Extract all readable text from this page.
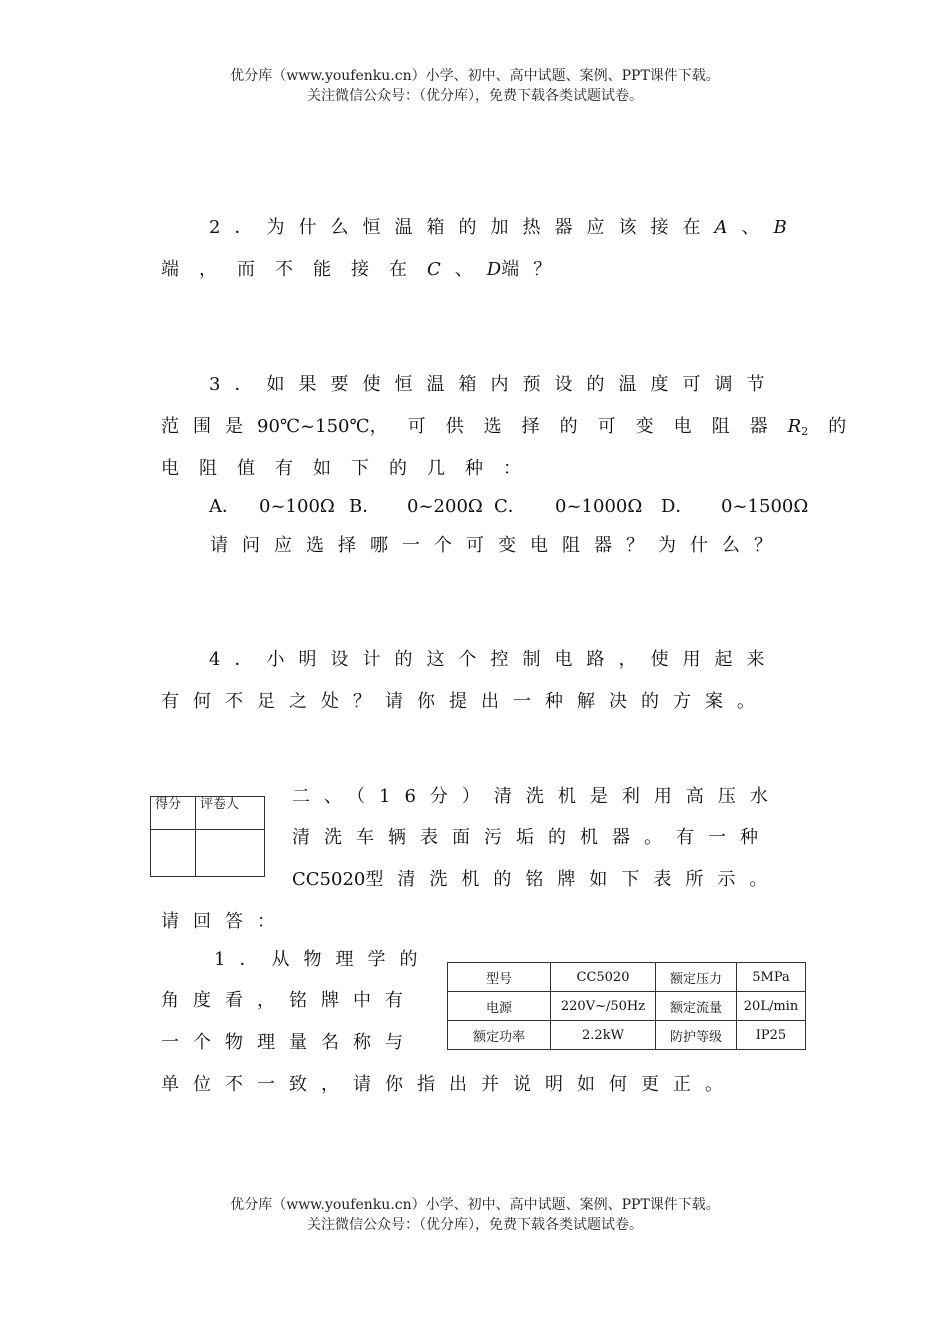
优分库（www.youfenku.cn）小学、初中、高中试题、案例、PPT课件下载。
关注微信公众号：（优分库），免费下载各类试题试卷。
2．为什么恒温箱的加热器应该接在A、B
端，而不能接在C、D端？
3．如果要使恒温箱内预设的温度可调节
范围是90℃~150℃，可供选择的可变电阻器$R_2$的
电阻值有如下的几种：
A． 0~100Ω B． 0~200Ω C． 0~1000Ω D． 0~1500Ω
请问应选择哪一个可变电阻器？为什么？
4．小明设计的这个控制电路，使用起来
有何不足之处？请你提出一种解决的方案。
得分	评卷人
		二、（16分）清洗机是利用高压水
清洗车辆表面污垢的机器。有一种
CC5020型清洗机的铭牌如下表所示。
请回答：
1．从物理学的
角度看，铭牌中有
一个物理量名称与
单位不一致，请你指出并说明如何更正。
型号	CC5020	额定压力	5MPa
电源	220V~/50Hz	额定流量	20L/min
额定功率	2.2kW	防护等级	IP25
优分库（www.youfenku.cn）小学、初中、高中试题、案例、PPT课件下载。
关注微信公众号：（优分库），免费下载各类试题试卷。
